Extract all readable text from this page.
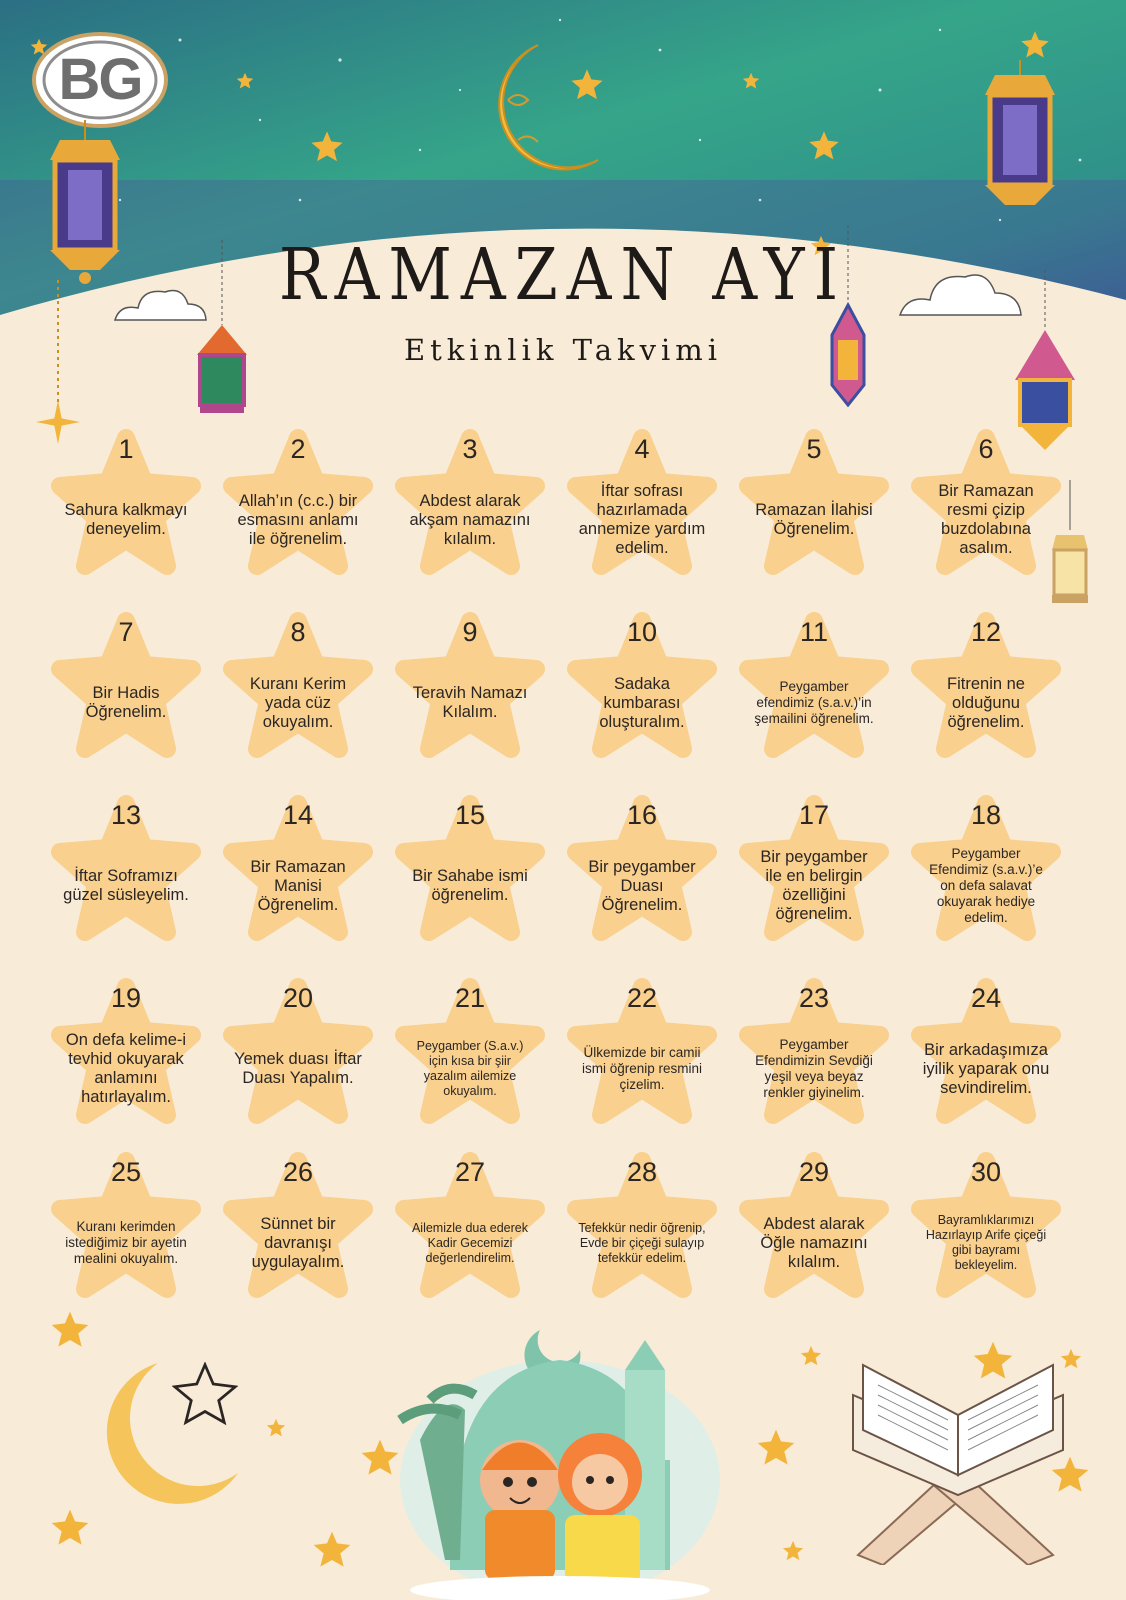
BG
RAMAZAN AYI
Etkinlik Takvimi
1
Sahura kalkmayı deneyelim.
2
Allah’ın (c.c.) bir esmasını anlamı ile öğrenelim.
3
Abdest alarak akşam namazını kılalım.
4
İftar sofrası hazırlamada annemize yardım edelim.
5
Ramazan İlahisi Öğrenelim.
6
Bir Ramazan resmi çizip buzdolabına asalım.
7
Bir Hadis Öğrenelim.
8
Kuranı Kerim yada cüz okuyalım.
9
Teravih Namazı Kılalım.
10
Sadaka kumbarası oluşturalım.
11
Peygamber efendimiz (s.a.v.)’in şemailini öğrenelim.
12
Fitrenin ne olduğunu öğrenelim.
13
İftar Soframızı güzel süsleyelim.
14
Bir Ramazan Manisi Öğrenelim.
15
Bir Sahabe ismi öğrenelim.
16
Bir peygamber Duası Öğrenelim.
17
Bir peygamber ile en belirgin özelliğini öğrenelim.
18
Peygamber Efendimiz (s.a.v.)’e on defa salavat okuyarak hediye edelim.
19
On defa kelime-i tevhid okuyarak anlamını hatırlayalım.
20
Yemek duası İftar Duası Yapalım.
21
Peygamber (S.a.v.) için kısa bir şiir yazalım ailemize okuyalım.
22
Ülkemizde bir camii ismi öğrenip resmini çizelim.
23
Peygamber Efendimizin Sevdiği yeşil veya beyaz renkler giyinelim.
24
Bir arkadaşımıza iyilik yaparak onu sevindirelim.
25
Kuranı kerimden istediğimiz bir ayetin mealini okuyalım.
26
Sünnet bir davranışı uygulayalım.
27
Ailemizle dua ederek Kadir Gecemizi değerlendirelim.
28
Tefekkür nedir öğrenip, Evde bir çiçeği sulayıp tefekkür edelim.
29
Abdest alarak Öğle namazını kılalım.
30
Bayramlıklarımızı Hazırlayıp Arife çiçeği gibi bayramı bekleyelim.
